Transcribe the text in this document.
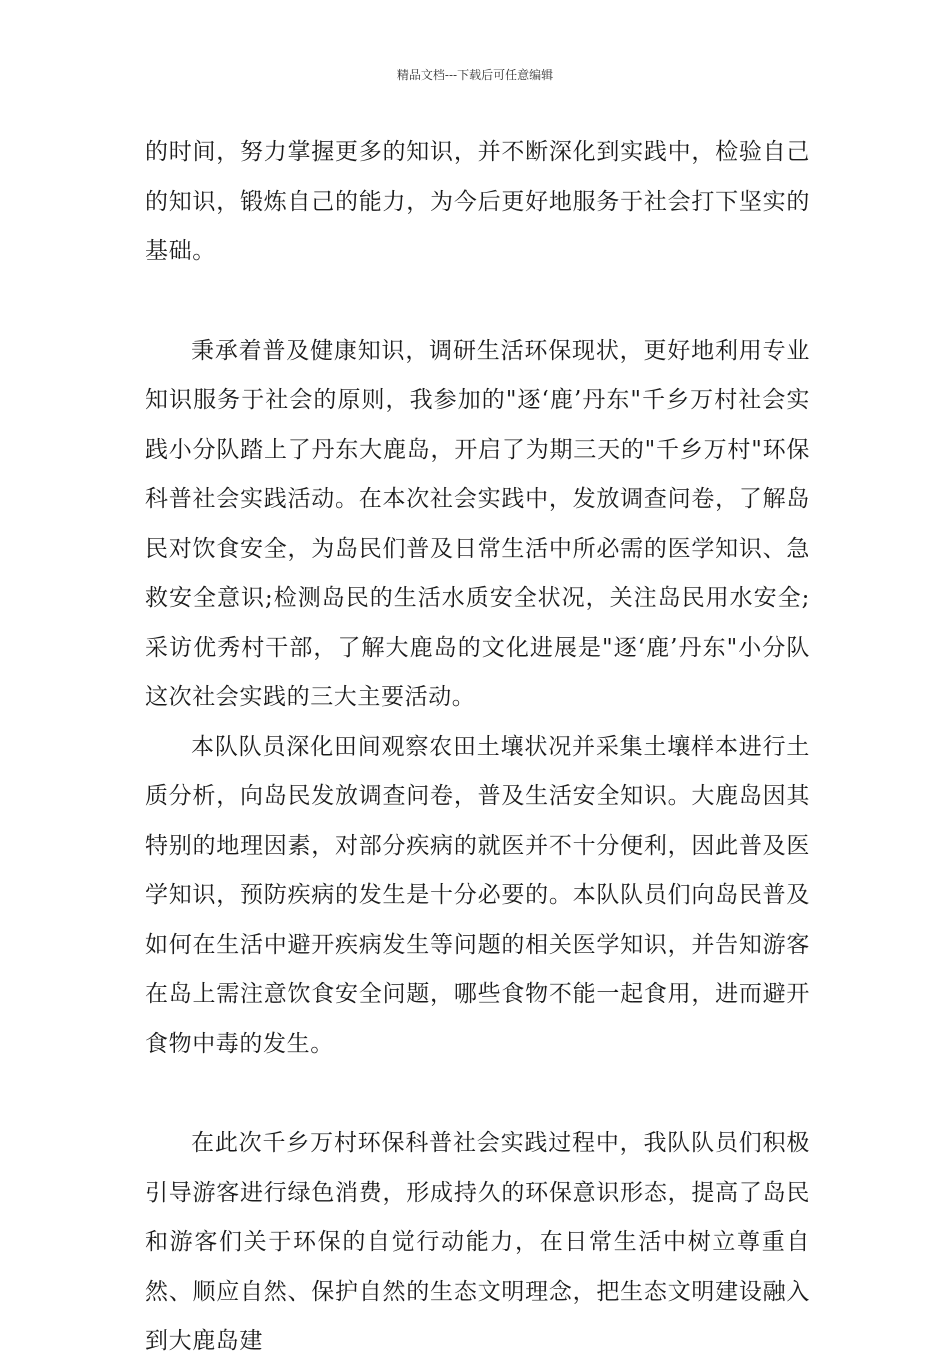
精品文档---下载后可任意编辑

的时间，努力掌握更多的知识，并不断深化到实践中，检验自己的知识，锻炼自己的能力，为今后更好地服务于社会打下坚实的基础。

秉承着普及健康知识，调研生活环保现状，更好地利用专业知识服务于社会的原则，我参加的"逐‘鹿’丹东"千乡万村社会实践小分队踏上了丹东大鹿岛，开启了为期三天的"千乡万村"环保科普社会实践活动。在本次社会实践中，发放调查问卷，了解岛民对饮食安全，为岛民们普及日常生活中所必需的医学知识、急救安全意识;检测岛民的生活水质安全状况，关注岛民用水安全;采访优秀村干部，了解大鹿岛的文化进展是"逐‘鹿’丹东"小分队这次社会实践的三大主要活动。

本队队员深化田间观察农田土壤状况并采集土壤样本进行土质分析，向岛民发放调查问卷，普及生活安全知识。大鹿岛因其特别的地理因素，对部分疾病的就医并不十分便利，因此普及医学知识，预防疾病的发生是十分必要的。本队队员们向岛民普及如何在生活中避开疾病发生等问题的相关医学知识，并告知游客在岛上需注意饮食安全问题，哪些食物不能一起食用，进而避开食物中毒的发生。

在此次千乡万村环保科普社会实践过程中，我队队员们积极引导游客进行绿色消费，形成持久的环保意识形态，提高了岛民和游客们关于环保的自觉行动能力，在日常生活中树立尊重自然、顺应自然、保护自然的生态文明理念，把生态文明建设融入到大鹿岛建
